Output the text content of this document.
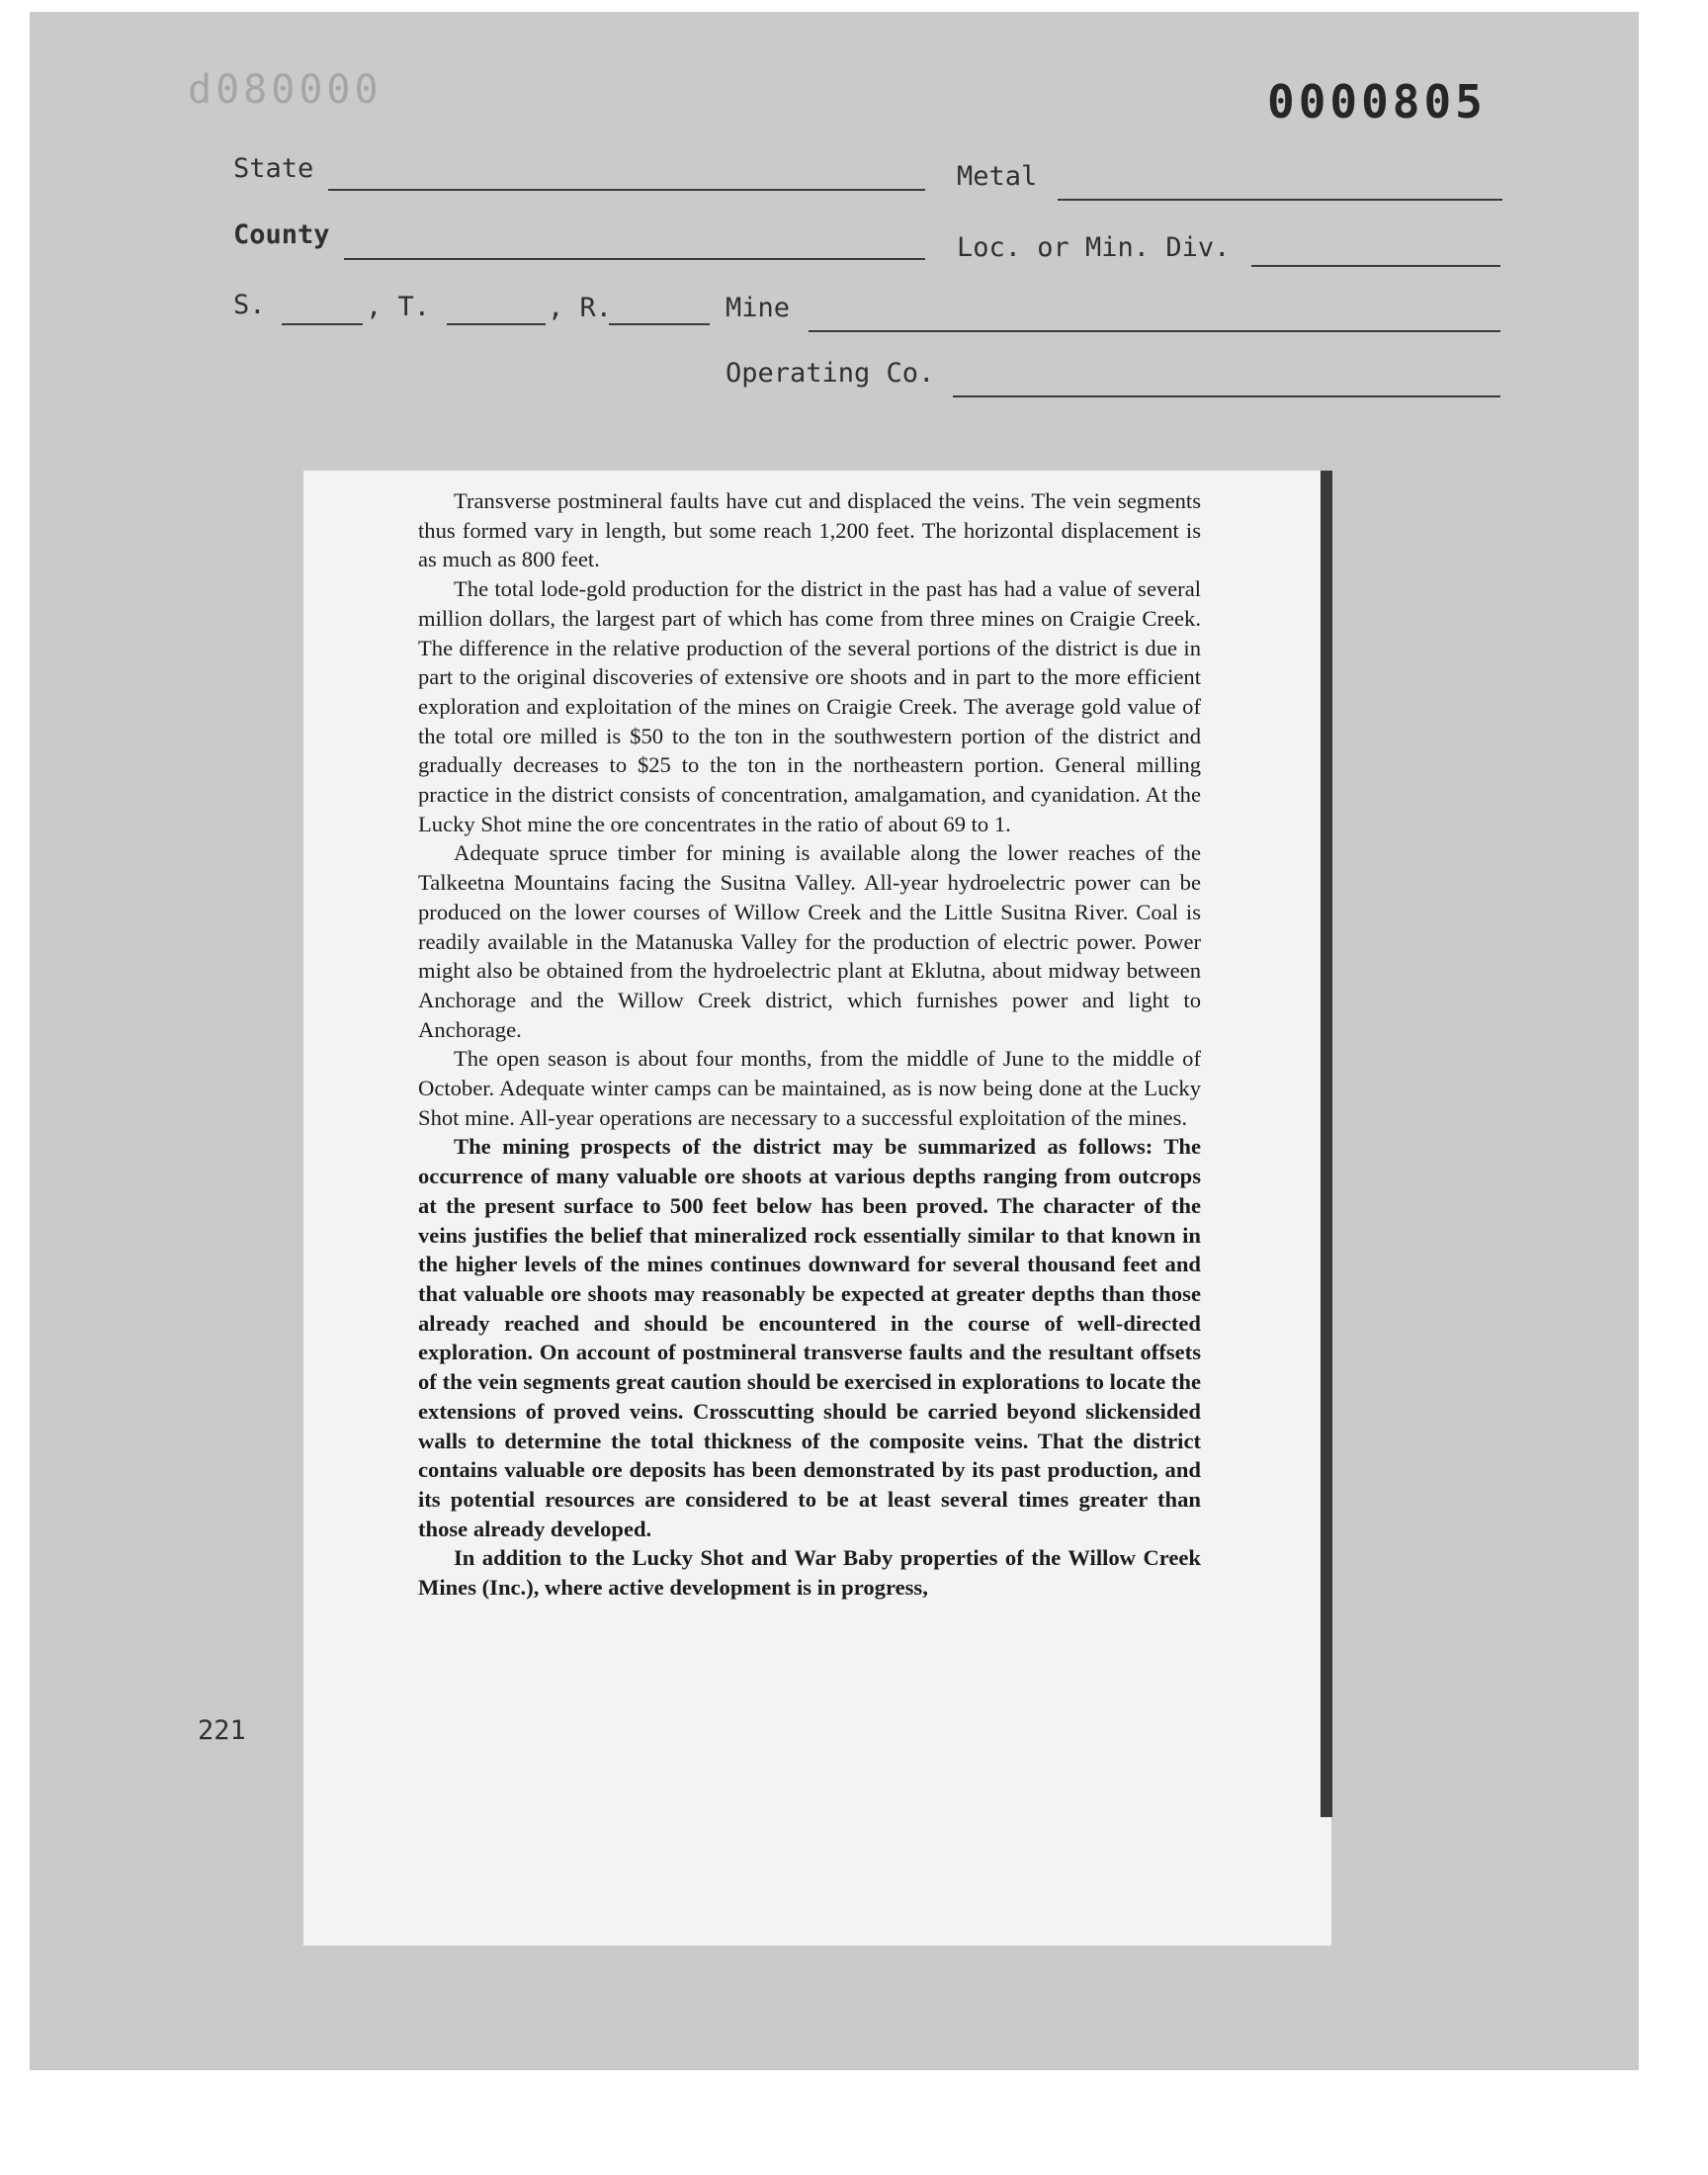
d080000	0000805
State	Metal
County	Loc. or Min. Div.
S.	, T.	, R.	Mine
Operating Co.
221

Transverse postmineral faults have cut and displaced the veins. The vein segments thus formed vary in length, but some reach 1,200 feet. The horizontal displacement is as much as 800 feet.

The total lode-gold production for the district in the past has had a value of several million dollars, the largest part of which has come from three mines on Craigie Creek. The difference in the relative production of the several portions of the district is due in part to the original discoveries of extensive ore shoots and in part to the more efficient exploration and exploitation of the mines on Craigie Creek. The average gold value of the total ore milled is $50 to the ton in the southwestern portion of the district and gradually decreases to $25 to the ton in the northeastern portion. General milling practice in the district consists of concentration, amalgamation, and cyanidation. At the Lucky Shot mine the ore concentrates in the ratio of about 69 to 1.

Adequate spruce timber for mining is available along the lower reaches of the Talkeetna Mountains facing the Susitna Valley. All-year hydroelectric power can be produced on the lower courses of Willow Creek and the Little Susitna River. Coal is readily available in the Matanuska Valley for the production of electric power. Power might also be obtained from the hydroelectric plant at Eklutna, about midway between Anchorage and the Willow Creek district, which furnishes power and light to Anchorage.

The open season is about four months, from the middle of June to the middle of October. Adequate winter camps can be maintained, as is now being done at the Lucky Shot mine. All-year operations are necessary to a successful exploitation of the mines.

The mining prospects of the district may be summarized as follows: The occurrence of many valuable ore shoots at various depths ranging from outcrops at the present surface to 500 feet below has been proved. The character of the veins justifies the belief that mineralized rock essentially similar to that known in the higher levels of the mines continues downward for several thousand feet and that valuable ore shoots may reasonably be expected at greater depths than those already reached and should be encountered in the course of well-directed exploration. On account of postmineral transverse faults and the resultant offsets of the vein segments great caution should be exercised in explorations to locate the extensions of proved veins. Crosscutting should be carried beyond slickensided walls to determine the total thickness of the composite veins. That the district contains valuable ore deposits has been demonstrated by its past production, and its potential resources are considered to be at least several times greater than those already developed.

In addition to the Lucky Shot and War Baby properties of the Willow Creek Mines (Inc.), where active development is in progress,
